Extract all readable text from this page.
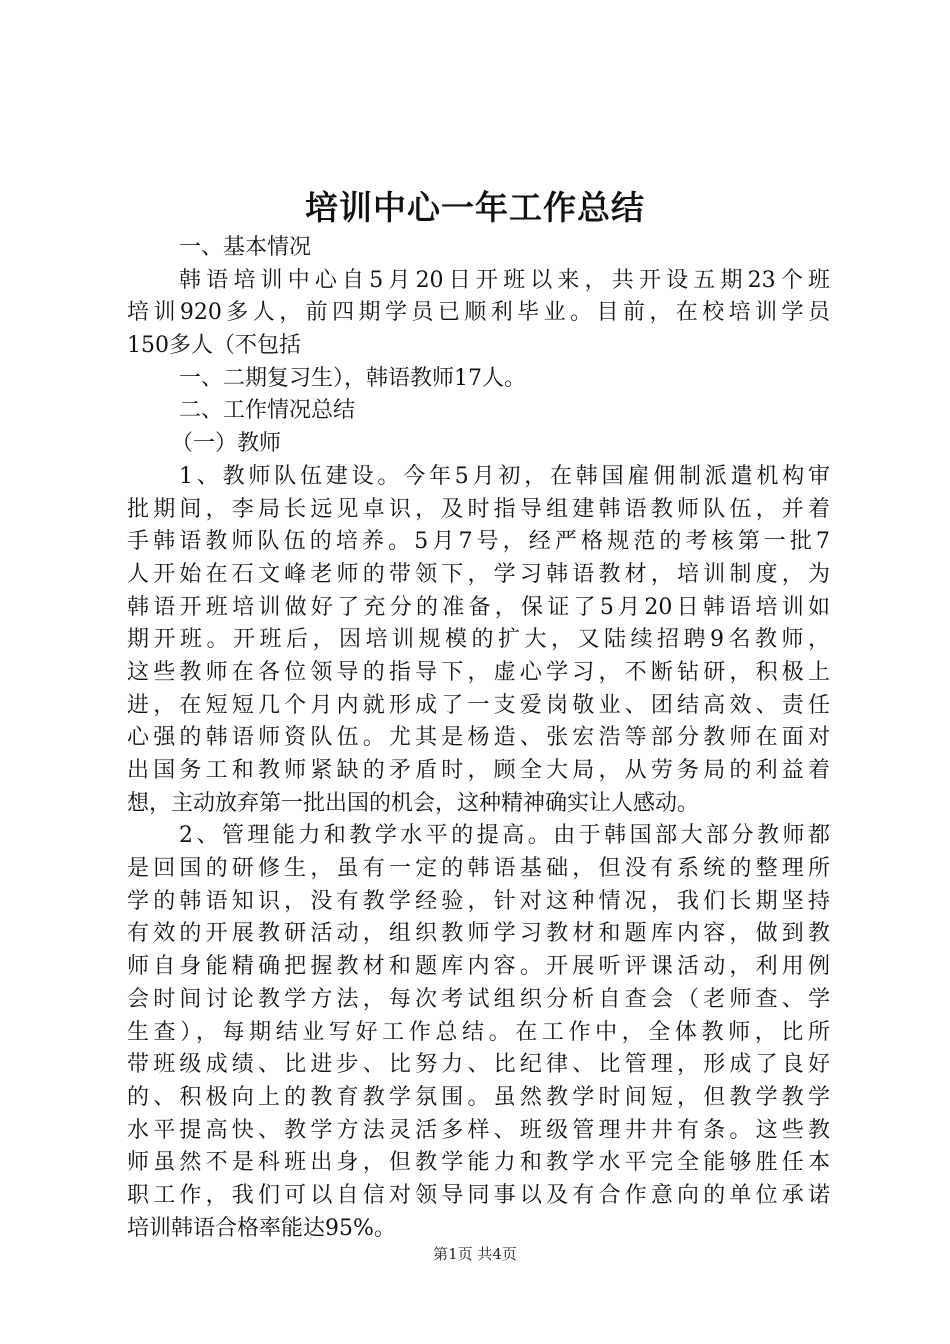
培训中心一年工作总结
一、基本情况
韩语培训中心自5月20日开班以来，共开设五期23个班
培训920多人，前四期学员已顺利毕业。目前，在校培训学员
150多人（不包括
一、二期复习生），韩语教师17人。
二、工作情况总结
（一）教师
1、教师队伍建设。今年5月初，在韩国雇佣制派遣机构审
批期间，李局长远见卓识，及时指导组建韩语教师队伍，并着
手韩语教师队伍的培养。5月7号，经严格规范的考核第一批7
人开始在石文峰老师的带领下，学习韩语教材，培训制度，为
韩语开班培训做好了充分的准备，保证了5月20日韩语培训如
期开班。开班后，因培训规模的扩大，又陆续招聘9名教师，
这些教师在各位领导的指导下，虚心学习，不断钻研，积极上
进，在短短几个月内就形成了一支爱岗敬业、团结高效、责任
心强的韩语师资队伍。尤其是杨造、张宏浩等部分教师在面对
出国务工和教师紧缺的矛盾时，顾全大局，从劳务局的利益着
想，主动放弃第一批出国的机会，这种精神确实让人感动。
2、管理能力和教学水平的提高。由于韩国部大部分教师都
是回国的研修生，虽有一定的韩语基础，但没有系统的整理所
学的韩语知识，没有教学经验，针对这种情况，我们长期坚持
有效的开展教研活动，组织教师学习教材和题库内容，做到教
师自身能精确把握教材和题库内容。开展听评课活动，利用例
会时间讨论教学方法，每次考试组织分析自查会（老师查、学
生查），每期结业写好工作总结。在工作中，全体教师，比所
带班级成绩、比进步、比努力、比纪律、比管理，形成了良好
的、积极向上的教育教学氛围。虽然教学时间短，但教学教学
水平提高快、教学方法灵活多样、班级管理井井有条。这些教
师虽然不是科班出身，但教学能力和教学水平完全能够胜任本
职工作，我们可以自信对领导同事以及有合作意向的单位承诺
培训韩语合格率能达95%。
第1页 共4页
